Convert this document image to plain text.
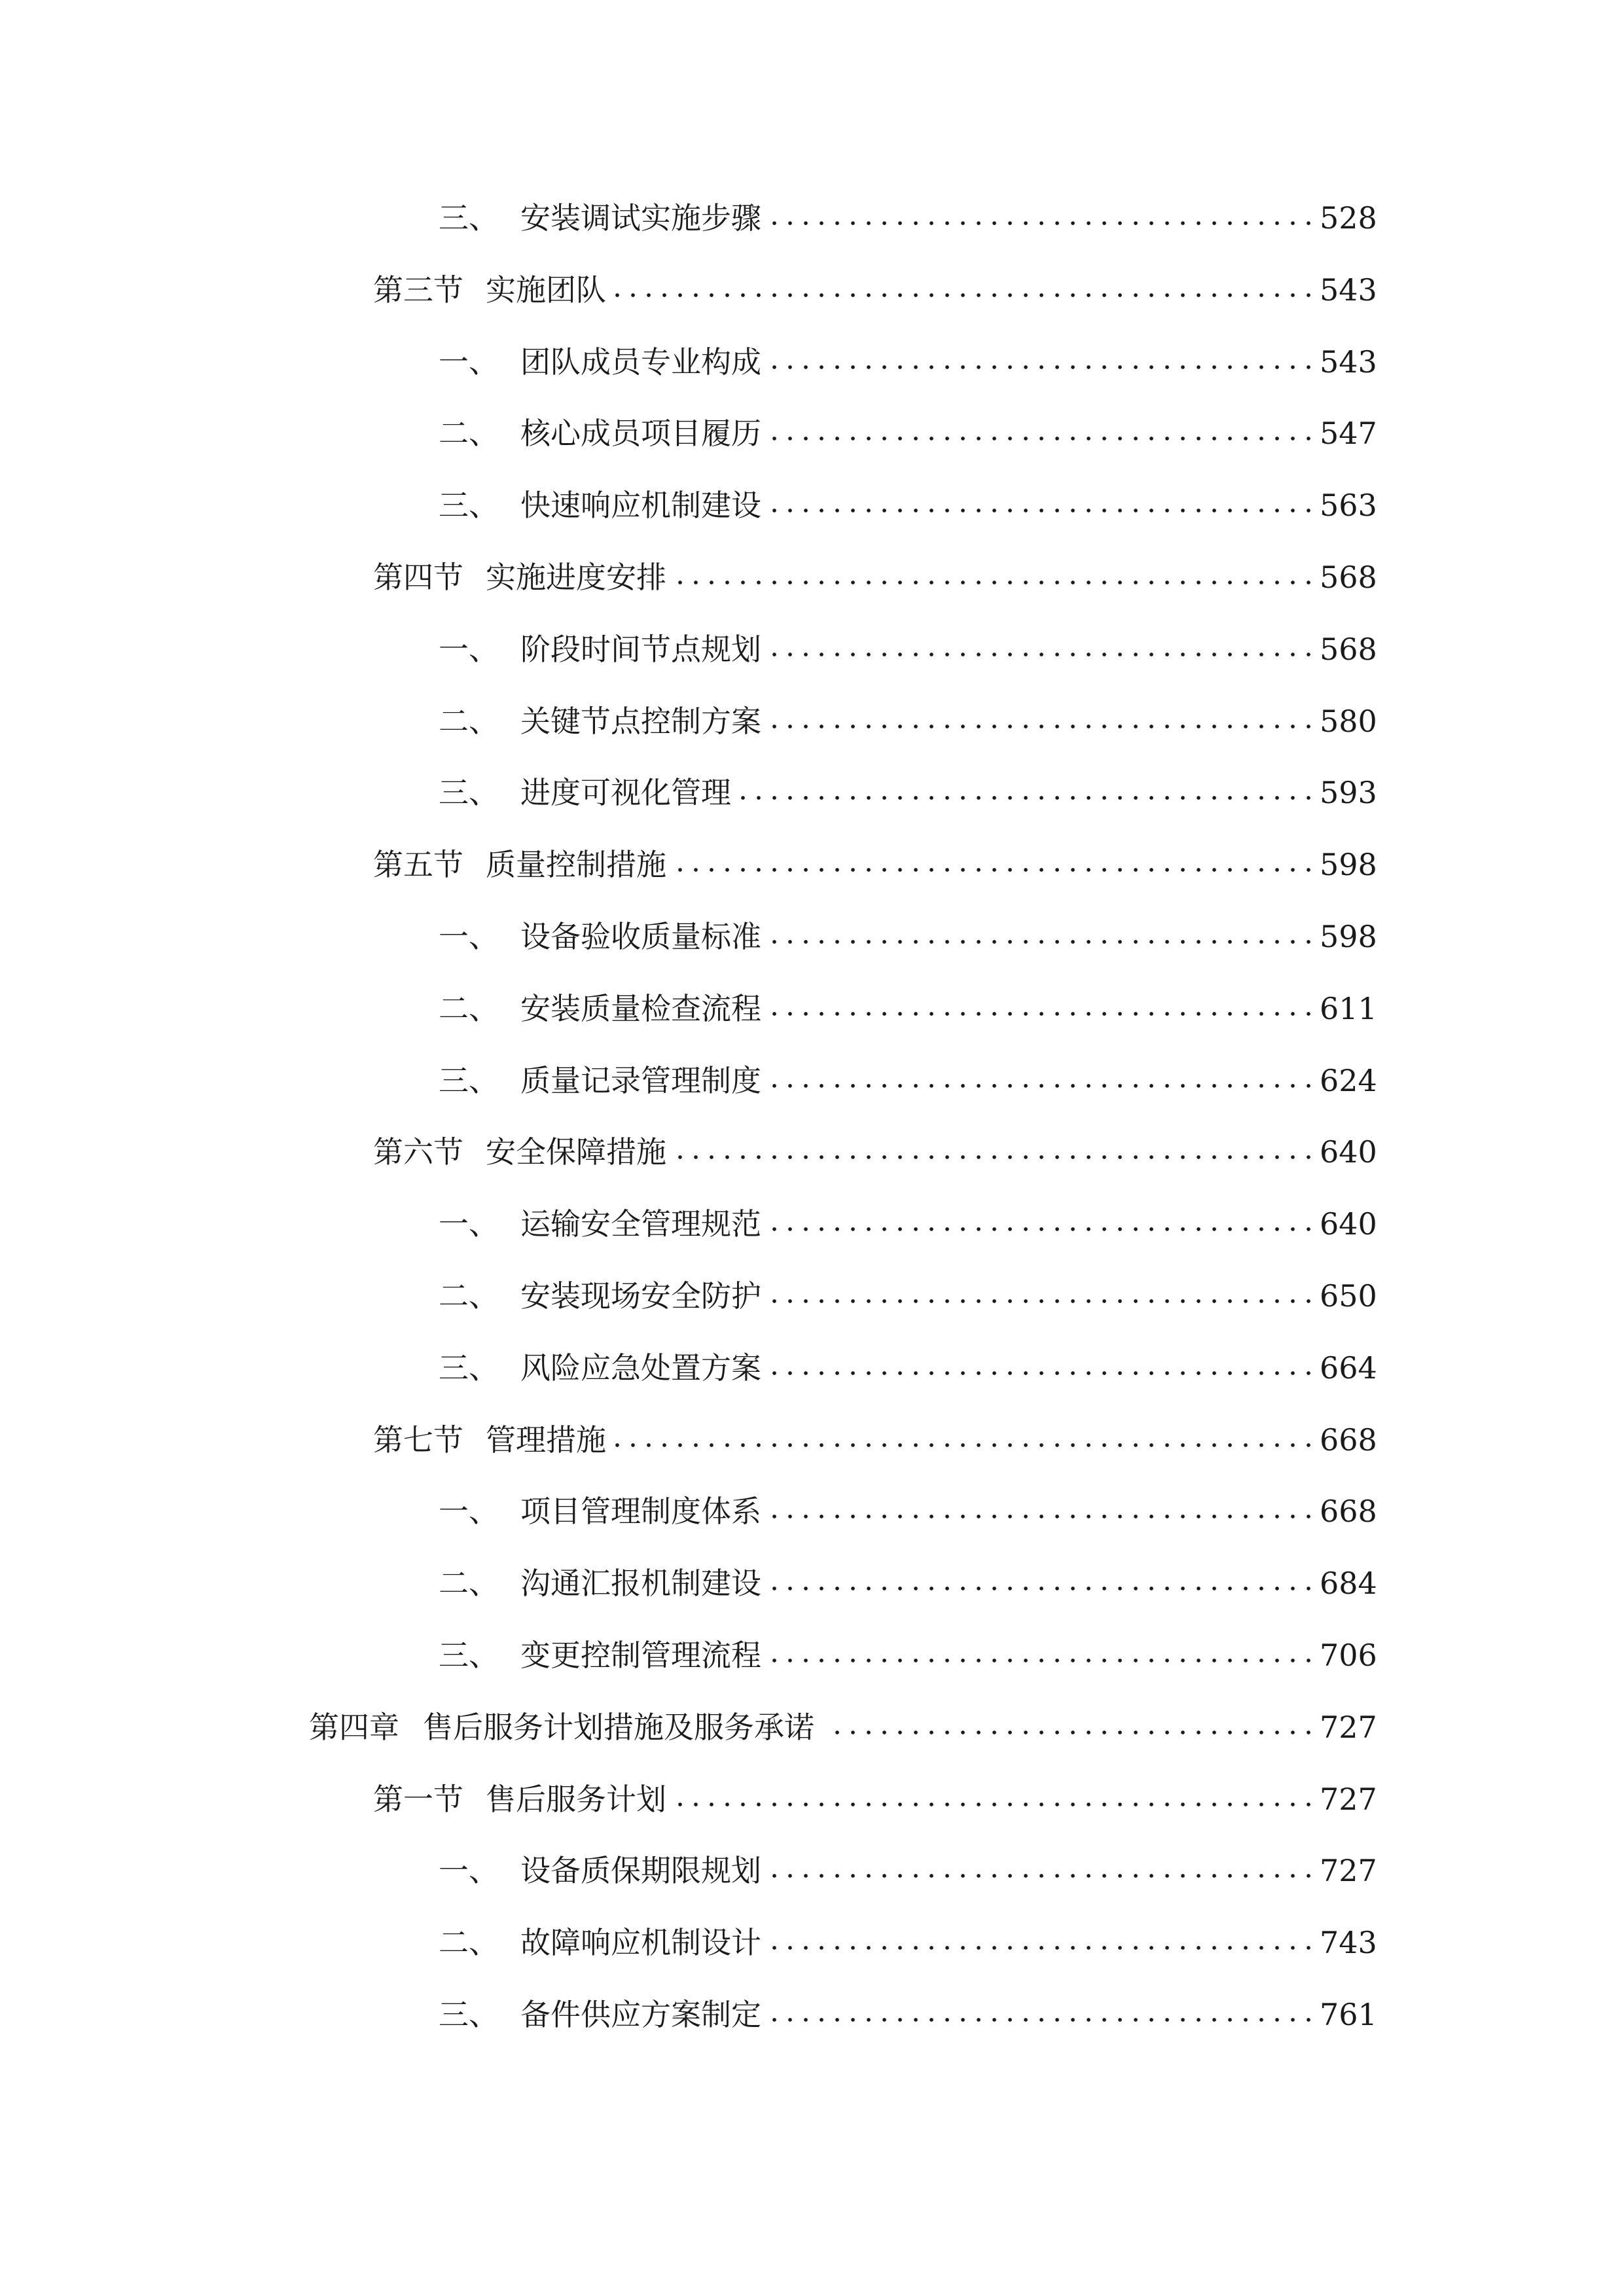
三、 安装调试实施步骤	528
第三节 实施团队	543
一、 团队成员专业构成	543
二、 核心成员项目履历	547
三、 快速响应机制建设	563
第四节 实施进度安排	568
一、 阶段时间节点规划	568
二、 关键节点控制方案	580
三、 进度可视化管理	593
第五节 质量控制措施	598
一、 设备验收质量标准	598
二、 安装质量检查流程	611
三、 质量记录管理制度	624
第六节 安全保障措施	640
一、 运输安全管理规范	640
二、 安装现场安全防护	650
三、 风险应急处置方案	664
第七节 管理措施	668
一、 项目管理制度体系	668
二、 沟通汇报机制建设	684
三、 变更控制管理流程	706
第四章 售后服务计划措施及服务承诺	727
第一节 售后服务计划	727
一、 设备质保期限规划	727
二、 故障响应机制设计	743
三、 备件供应方案制定	761
